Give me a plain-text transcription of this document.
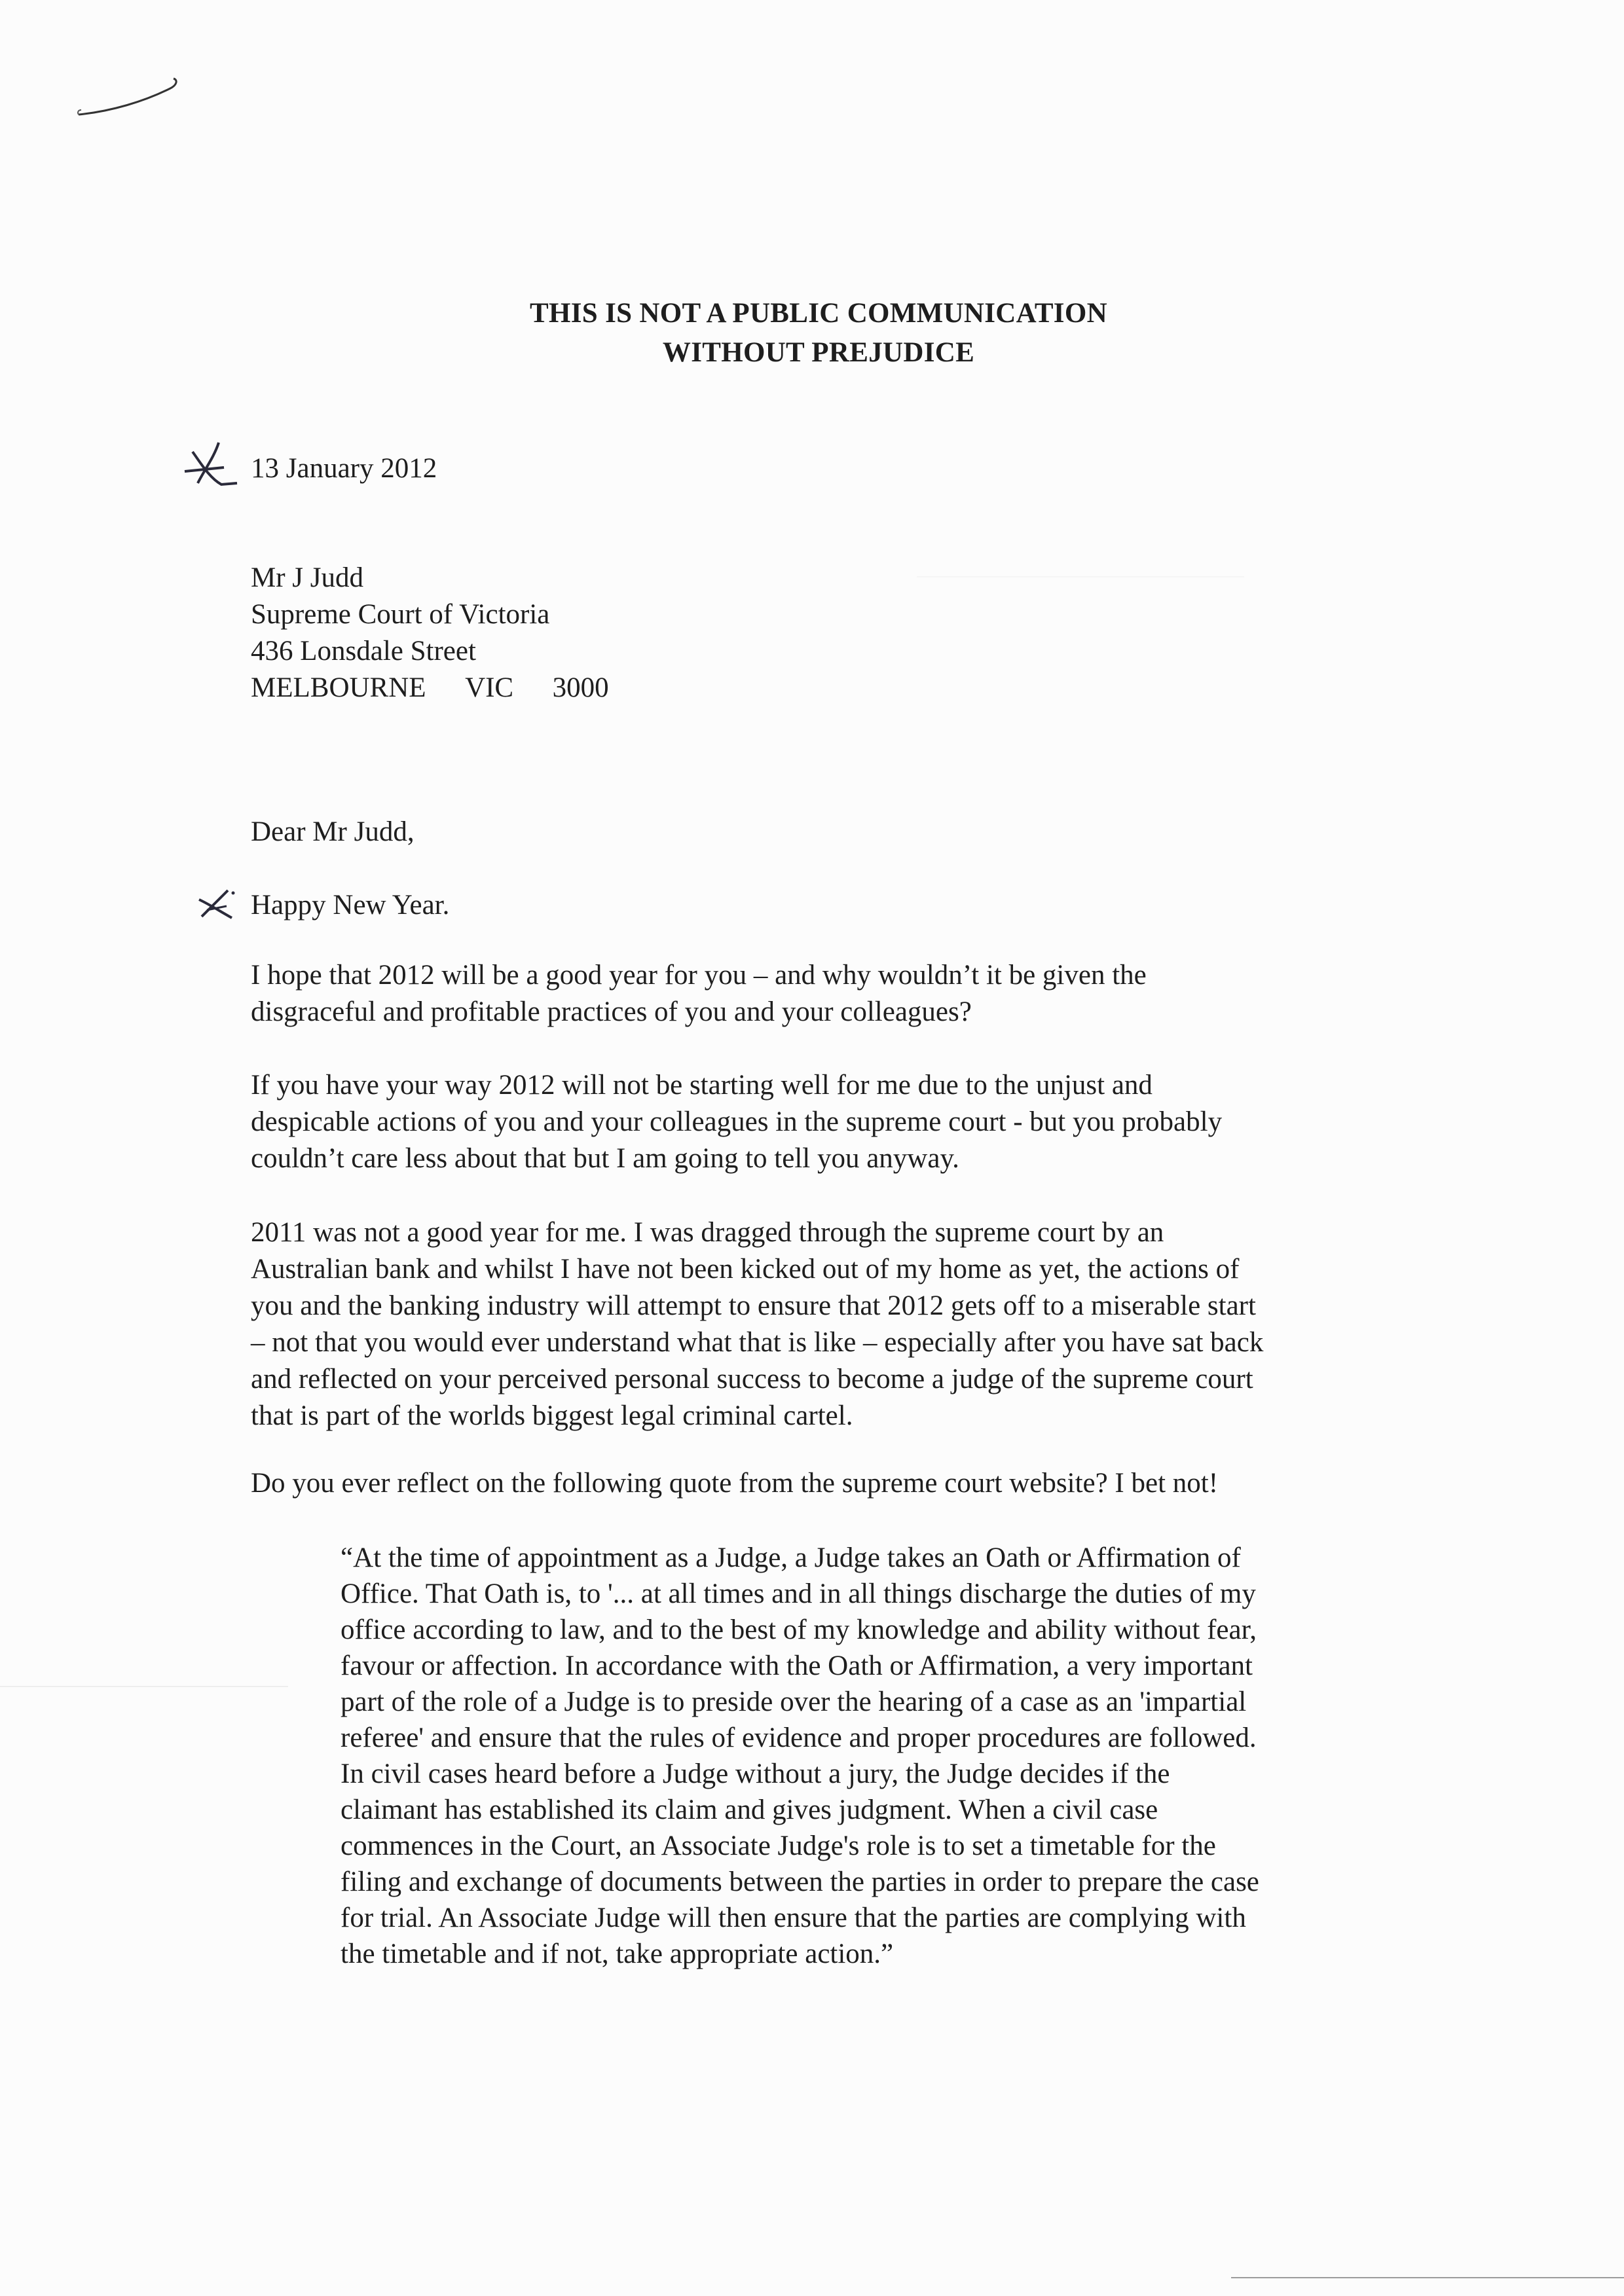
THIS IS NOT A PUBLIC COMMUNICATION
WITHOUT PREJUDICE
13 January 2012
Mr J Judd
Supreme Court of Victoria
436 Lonsdale Street
MELBOURNE VIC 3000
Dear Mr Judd,
Happy New Year.
I hope that 2012 will be a good year for you – and why wouldn’t it be given the
disgraceful and profitable practices of you and your colleagues?
If you have your way 2012 will not be starting well for me due to the unjust and
despicable actions of you and your colleagues in the supreme court - but you probably
couldn’t care less about that but I am going to tell you anyway.
2011 was not a good year for me. I was dragged through the supreme court by an
Australian bank and whilst I have not been kicked out of my home as yet, the actions of
you and the banking industry will attempt to ensure that 2012 gets off to a miserable start
– not that you would ever understand what that is like – especially after you have sat back
and reflected on your perceived personal success to become a judge of the supreme court
that is part of the worlds biggest legal criminal cartel.
Do you ever reflect on the following quote from the supreme court website? I bet not!
“At the time of appointment as a Judge, a Judge takes an Oath or Affirmation of
Office. That Oath is, to '... at all times and in all things discharge the duties of my
office according to law, and to the best of my knowledge and ability without fear,
favour or affection. In accordance with the Oath or Affirmation, a very important
part of the role of a Judge is to preside over the hearing of a case as an 'impartial
referee' and ensure that the rules of evidence and proper procedures are followed.
In civil cases heard before a Judge without a jury, the Judge decides if the
claimant has established its claim and gives judgment. When a civil case
commences in the Court, an Associate Judge's role is to set a timetable for the
filing and exchange of documents between the parties in order to prepare the case
for trial. An Associate Judge will then ensure that the parties are complying with
the timetable and if not, take appropriate action.”
